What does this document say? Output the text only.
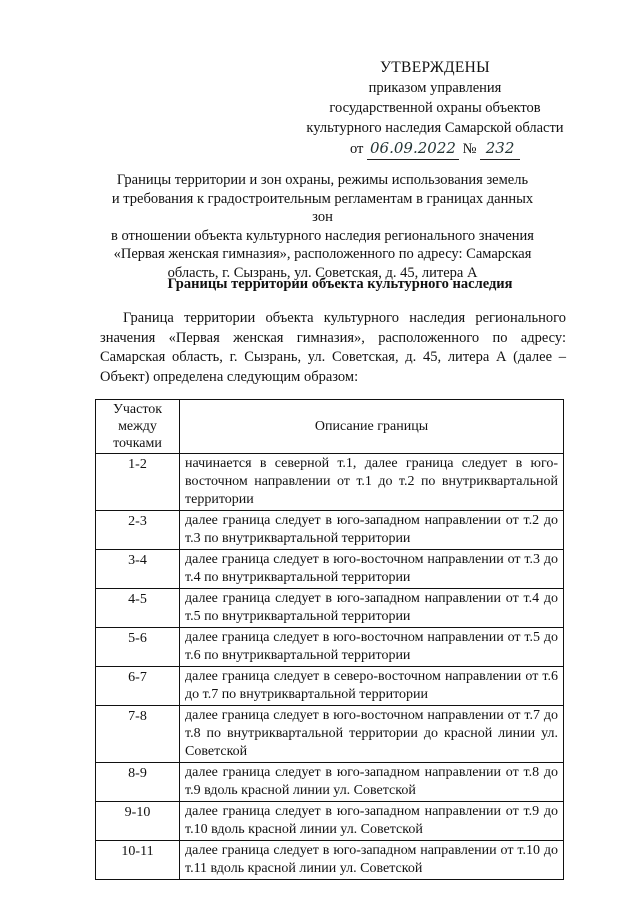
УТВЕРЖДЕНЫ
приказом управления
государственной охраны объектов
культурного наследия Самарской области
от 06.09.2022 № 232
Границы территории и зон охраны, режимы использования земель
и требования к градостроительным регламентам в границах данных зон
в отношении объекта культурного наследия регионального значения
«Первая женская гимназия», расположенного по адресу: Самарская
область, г. Сызрань, ул. Советская, д. 45, литера А
Границы территории объекта культурного наследия
Граница территории объекта культурного наследия регионального значения «Первая женская гимназия», расположенного по адресу: Самарская область, г. Сызрань, ул. Советская, д. 45, литера А (далее – Объект) определена следующим образом:
Участок между точками	Описание границы
1-2	начинается в северной т.1, далее граница следует в юго-восточном направлении от т.1 до т.2 по внутриквартальной территории
2-3	далее граница следует в юго-западном направлении от т.2 до т.3 по внутриквартальной территории
3-4	далее граница следует в юго-восточном направлении от т.3 до т.4 по внутриквартальной территории
4-5	далее граница следует в юго-западном направлении от т.4 до т.5 по внутриквартальной территории
5-6	далее граница следует в юго-восточном направлении от т.5 до т.6 по внутриквартальной территории
6-7	далее граница следует в северо-восточном направлении от т.6 до т.7 по внутриквартальной территории
7-8	далее граница следует в юго-восточном направлении от т.7 до т.8 по внутриквартальной территории до красной линии ул. Советской
8-9	далее граница следует в юго-западном направлении от т.8 до т.9 вдоль красной линии ул. Советской
9-10	далее граница следует в юго-западном направлении от т.9 до т.10 вдоль красной линии ул. Советской
10-11	далее граница следует в юго-западном направлении от т.10 до т.11 вдоль красной линии ул. Советской
